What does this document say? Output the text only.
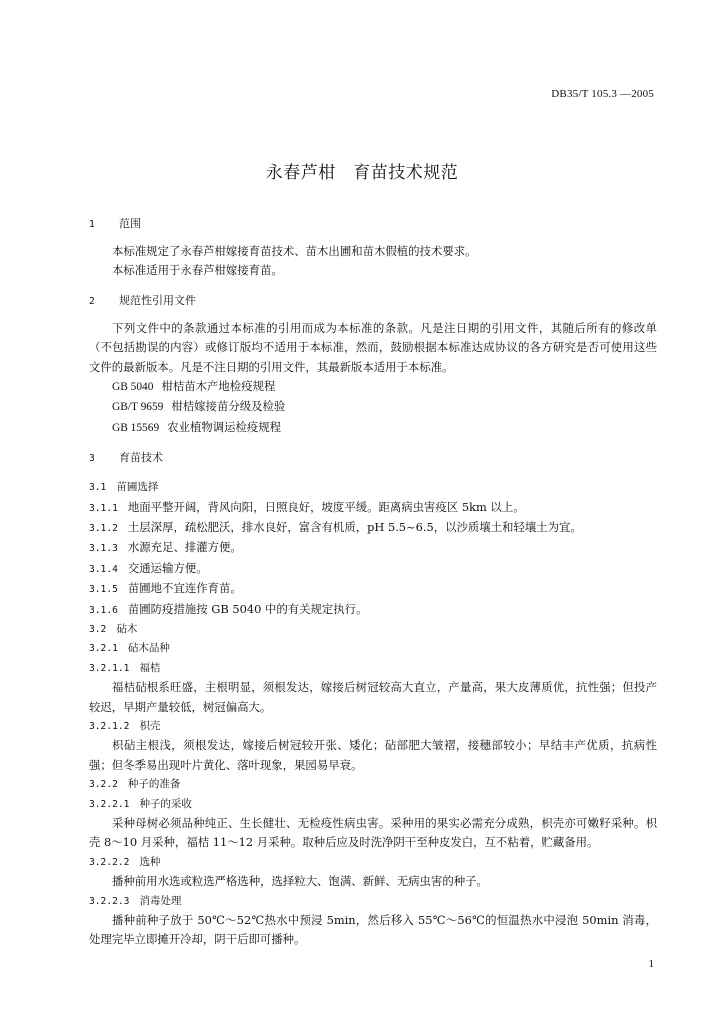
DB35/T 105.3 —2005
永春芦柑　育苗技术规范
1 范围
本标准规定了永春芦柑嫁接育苗技术、苗木出圃和苗木假植的技术要求。
本标准适用于永春芦柑嫁接育苗。
2 规范性引用文件
下列文件中的条款通过本标准的引用而成为本标准的条款。凡是注日期的引用文件，其随后所有的修改单（不包括勘误的内容）或修订版均不适用于本标准，然而，鼓励根据本标准达成协议的各方研究是否可使用这些文件的最新版本。凡是不注日期的引用文件，其最新版本适用于本标准。
GB 5040 柑桔苗木产地检疫规程
GB/T 9659 柑桔嫁接苗分级及检验
GB 15569 农业植物调运检疫规程
3 育苗技术
3.1 苗圃选择
3.1.1 地面平整开阔，背风向阳，日照良好，坡度平缓。距离病虫害疫区 5km 以上。
3.1.2 土层深厚，疏松肥沃，排水良好，富含有机质，pH 5.5~6.5，以沙质壤土和轻壤土为宜。
3.1.3 水源充足、排灌方便。
3.1.4 交通运输方便。
3.1.5 苗圃地不宜连作育苗。
3.1.6 苗圃防疫措施按 GB 5040 中的有关规定执行。
3.2 砧木
3.2.1 砧木品种
3.2.1.1 福桔
福桔砧根系旺盛，主根明显，须根发达，嫁接后树冠较高大直立，产量高，果大皮薄质优，抗性强；但投产较迟，早期产量较低，树冠偏高大。
3.2.1.2 枳壳
枳砧主根浅，须根发达，嫁接后树冠较开张、矮化；砧部肥大皱褶，接穗部较小；早结丰产优质，抗病性强；但冬季易出现叶片黄化、落叶现象，果园易早衰。
3.2.2 种子的准备
3.2.2.1 种子的采收
采种母树必须品种纯正、生长健壮、无检疫性病虫害。采种用的果实必需充分成熟，枳壳亦可嫩籽采种。枳壳 8～10 月采种，福桔 11～12 月采种。取种后应及时洗净阴干至种皮发白，互不粘着，贮藏备用。
3.2.2.2 选种
播种前用水选或粒选严格选种，选择粒大、饱满、新鲜、无病虫害的种子。
3.2.2.3 消毒处理
播种前种子放于 50℃～52℃热水中预浸 5min，然后移入 55℃～56℃的恒温热水中浸泡 50min 消毒，处理完毕立即摊开冷却，阴干后即可播种。
1
